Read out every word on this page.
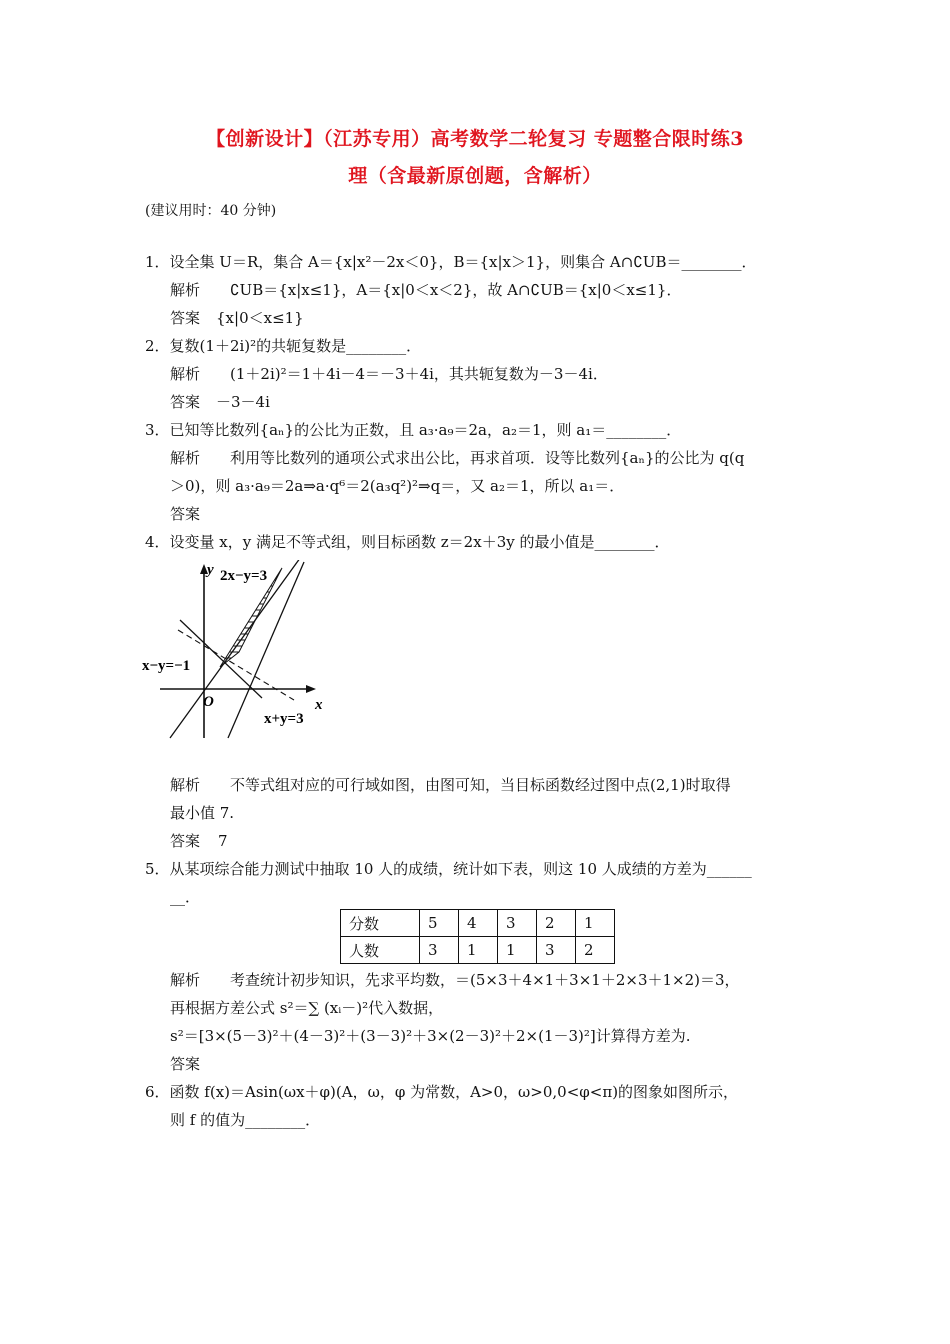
【创新设计】（江苏专用）高考数学二轮复习 专题整合限时练3
理（含最新原创题，含解析）
(建议用时：40 分钟)
1．设全集 U＝R，集合 A＝{x|x²－2x＜0}，B＝{x|x＞1}，则集合 A∩∁UB＝________．
解析 ∁UB＝{x|x≤1}，A＝{x|0＜x＜2}，故 A∩∁UB＝{x|0＜x≤1}．
答案 {x|0＜x≤1}
2．复数(1＋2i)²的共轭复数是________．
解析 (1＋2i)²＝1＋4i－4＝－3＋4i，其共轭复数为－3－4i．
答案 －3－4i
3．已知等比数列{aₙ}的公比为正数，且 a₃·a₉＝2a，a₂＝1，则 a₁＝________．
解析 利用等比数列的通项公式求出公比，再求首项．设等比数列{aₙ}的公比为 q(q
＞0)，则 a₃·a₉＝2a⇒a·q⁶＝2(a₃q²)²⇒q＝，又 a₂＝1，所以 a₁＝．
答案
4．设变量 x，y 满足不等式组，则目标函数 z＝2x＋3y 的最小值是________．
y
x
O
2x−y=3
x−y=−1
x+y=3
解析 不等式组对应的可行域如图，由图可知，当目标函数经过图中点(2,1)时取得
最小值 7.
答案 7
5．从某项综合能力测试中抽取 10 人的成绩，统计如下表，则这 10 人成绩的方差为______
__．
分数	5	4	3	2	1
人数	3	1	1	3	2
解析 考查统计初步知识，先求平均数，＝(5×3＋4×1＋3×1＋2×3＋1×2)＝3，
再根据方差公式 s²＝∑ (xᵢ－)²代入数据，
s²＝[3×(5－3)²＋(4－3)²＋(3－3)²＋3×(2－3)²＋2×(1－3)²]计算得方差为.
答案
6．函数 f(x)＝Asin(ωx＋φ)(A，ω，φ 为常数，A>0，ω>0,0<φ<π)的图象如图所示，
则 f 的值为________．
